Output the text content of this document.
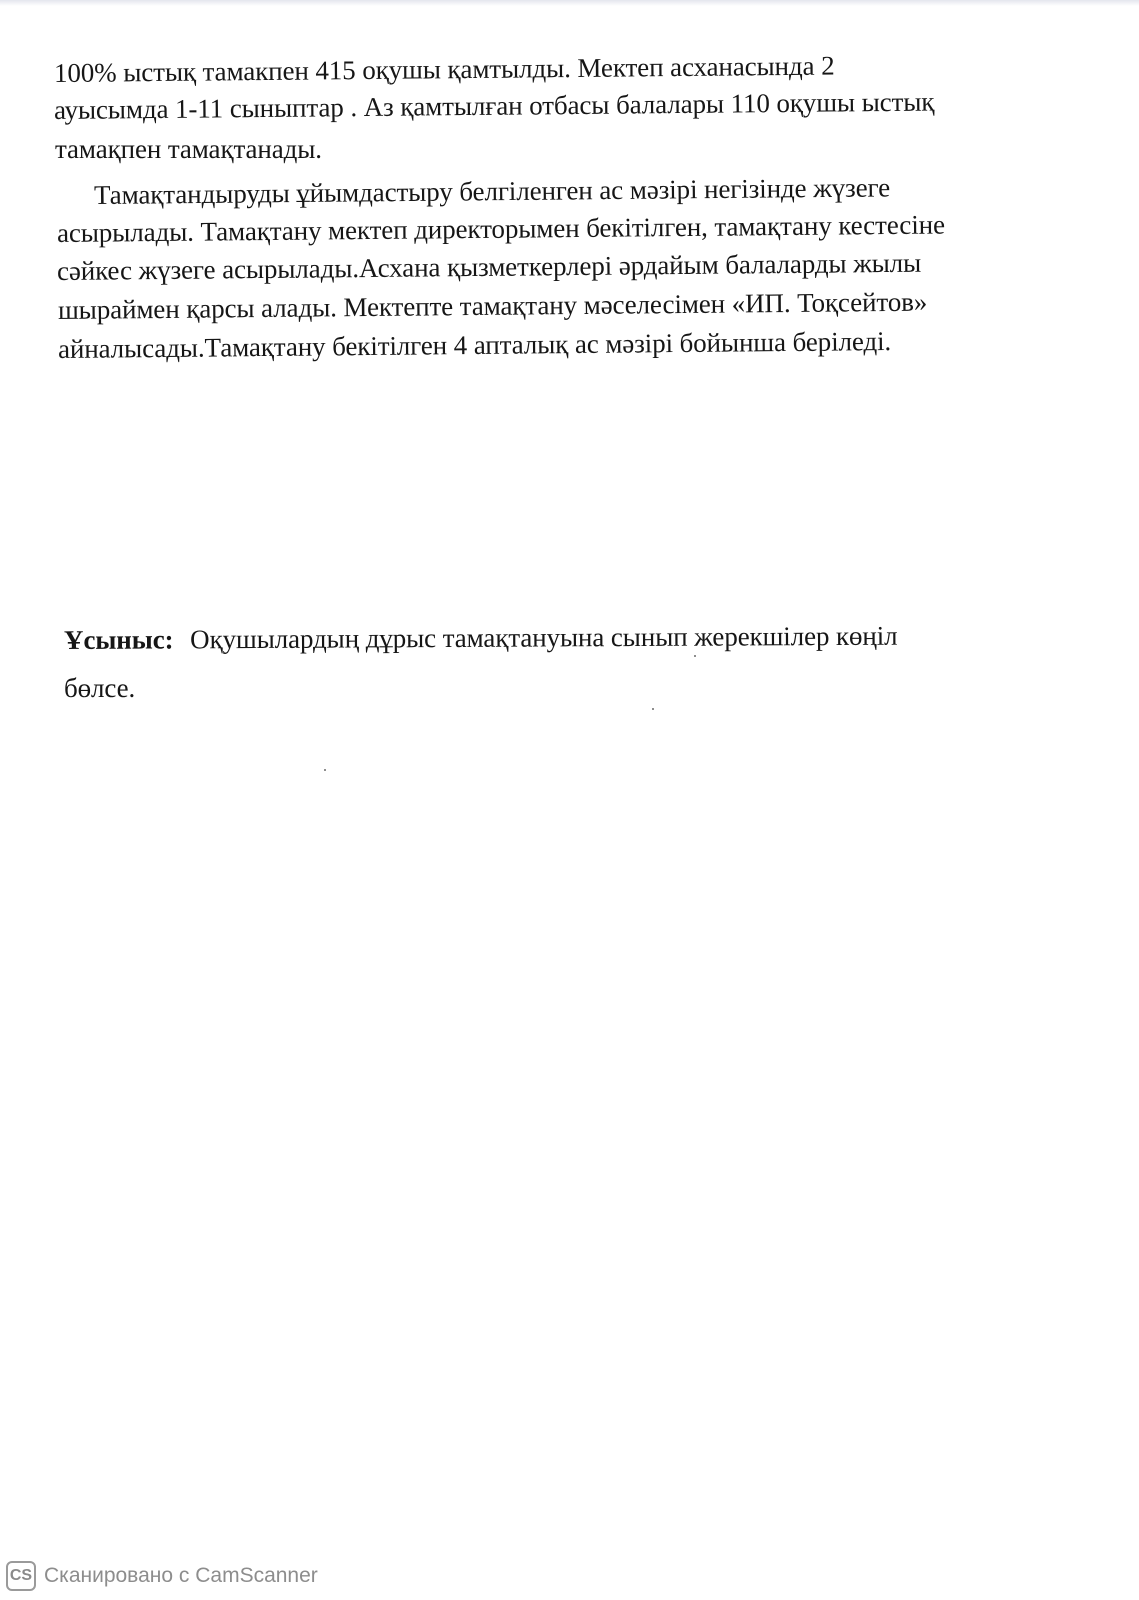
100% ыстық тамакпен 415 оқушы қамтылды. Мектеп асханасында 2
ауысымда 1-11 сыныптар . Аз қамтылған отбасы балалары 110 оқушы ыстық
тамақпен тамақтанады.
Тамақтандыруды ұйымдастыру белгіленген ас мәзірі негізінде жүзеге
асырылады. Тамақтану мектеп директорымен бекітілген, тамақтану кестесіне
сәйкес жүзеге асырылады.Асхана қызметкерлері әрдайым балаларды жылы
шыраймен қарсы алады. Мектепте тамақтану мәселесімен «ИП. Тоқсейтов»
айналысады.Тамақтану бекітілген 4 апталық ас мәзірі бойынша беріледі.
Ұсыныс: Оқушылардың дұрыс тамақтануына сынып жерекшілер көңіл
бөлсе.
CS Сканировано с CamScanner
